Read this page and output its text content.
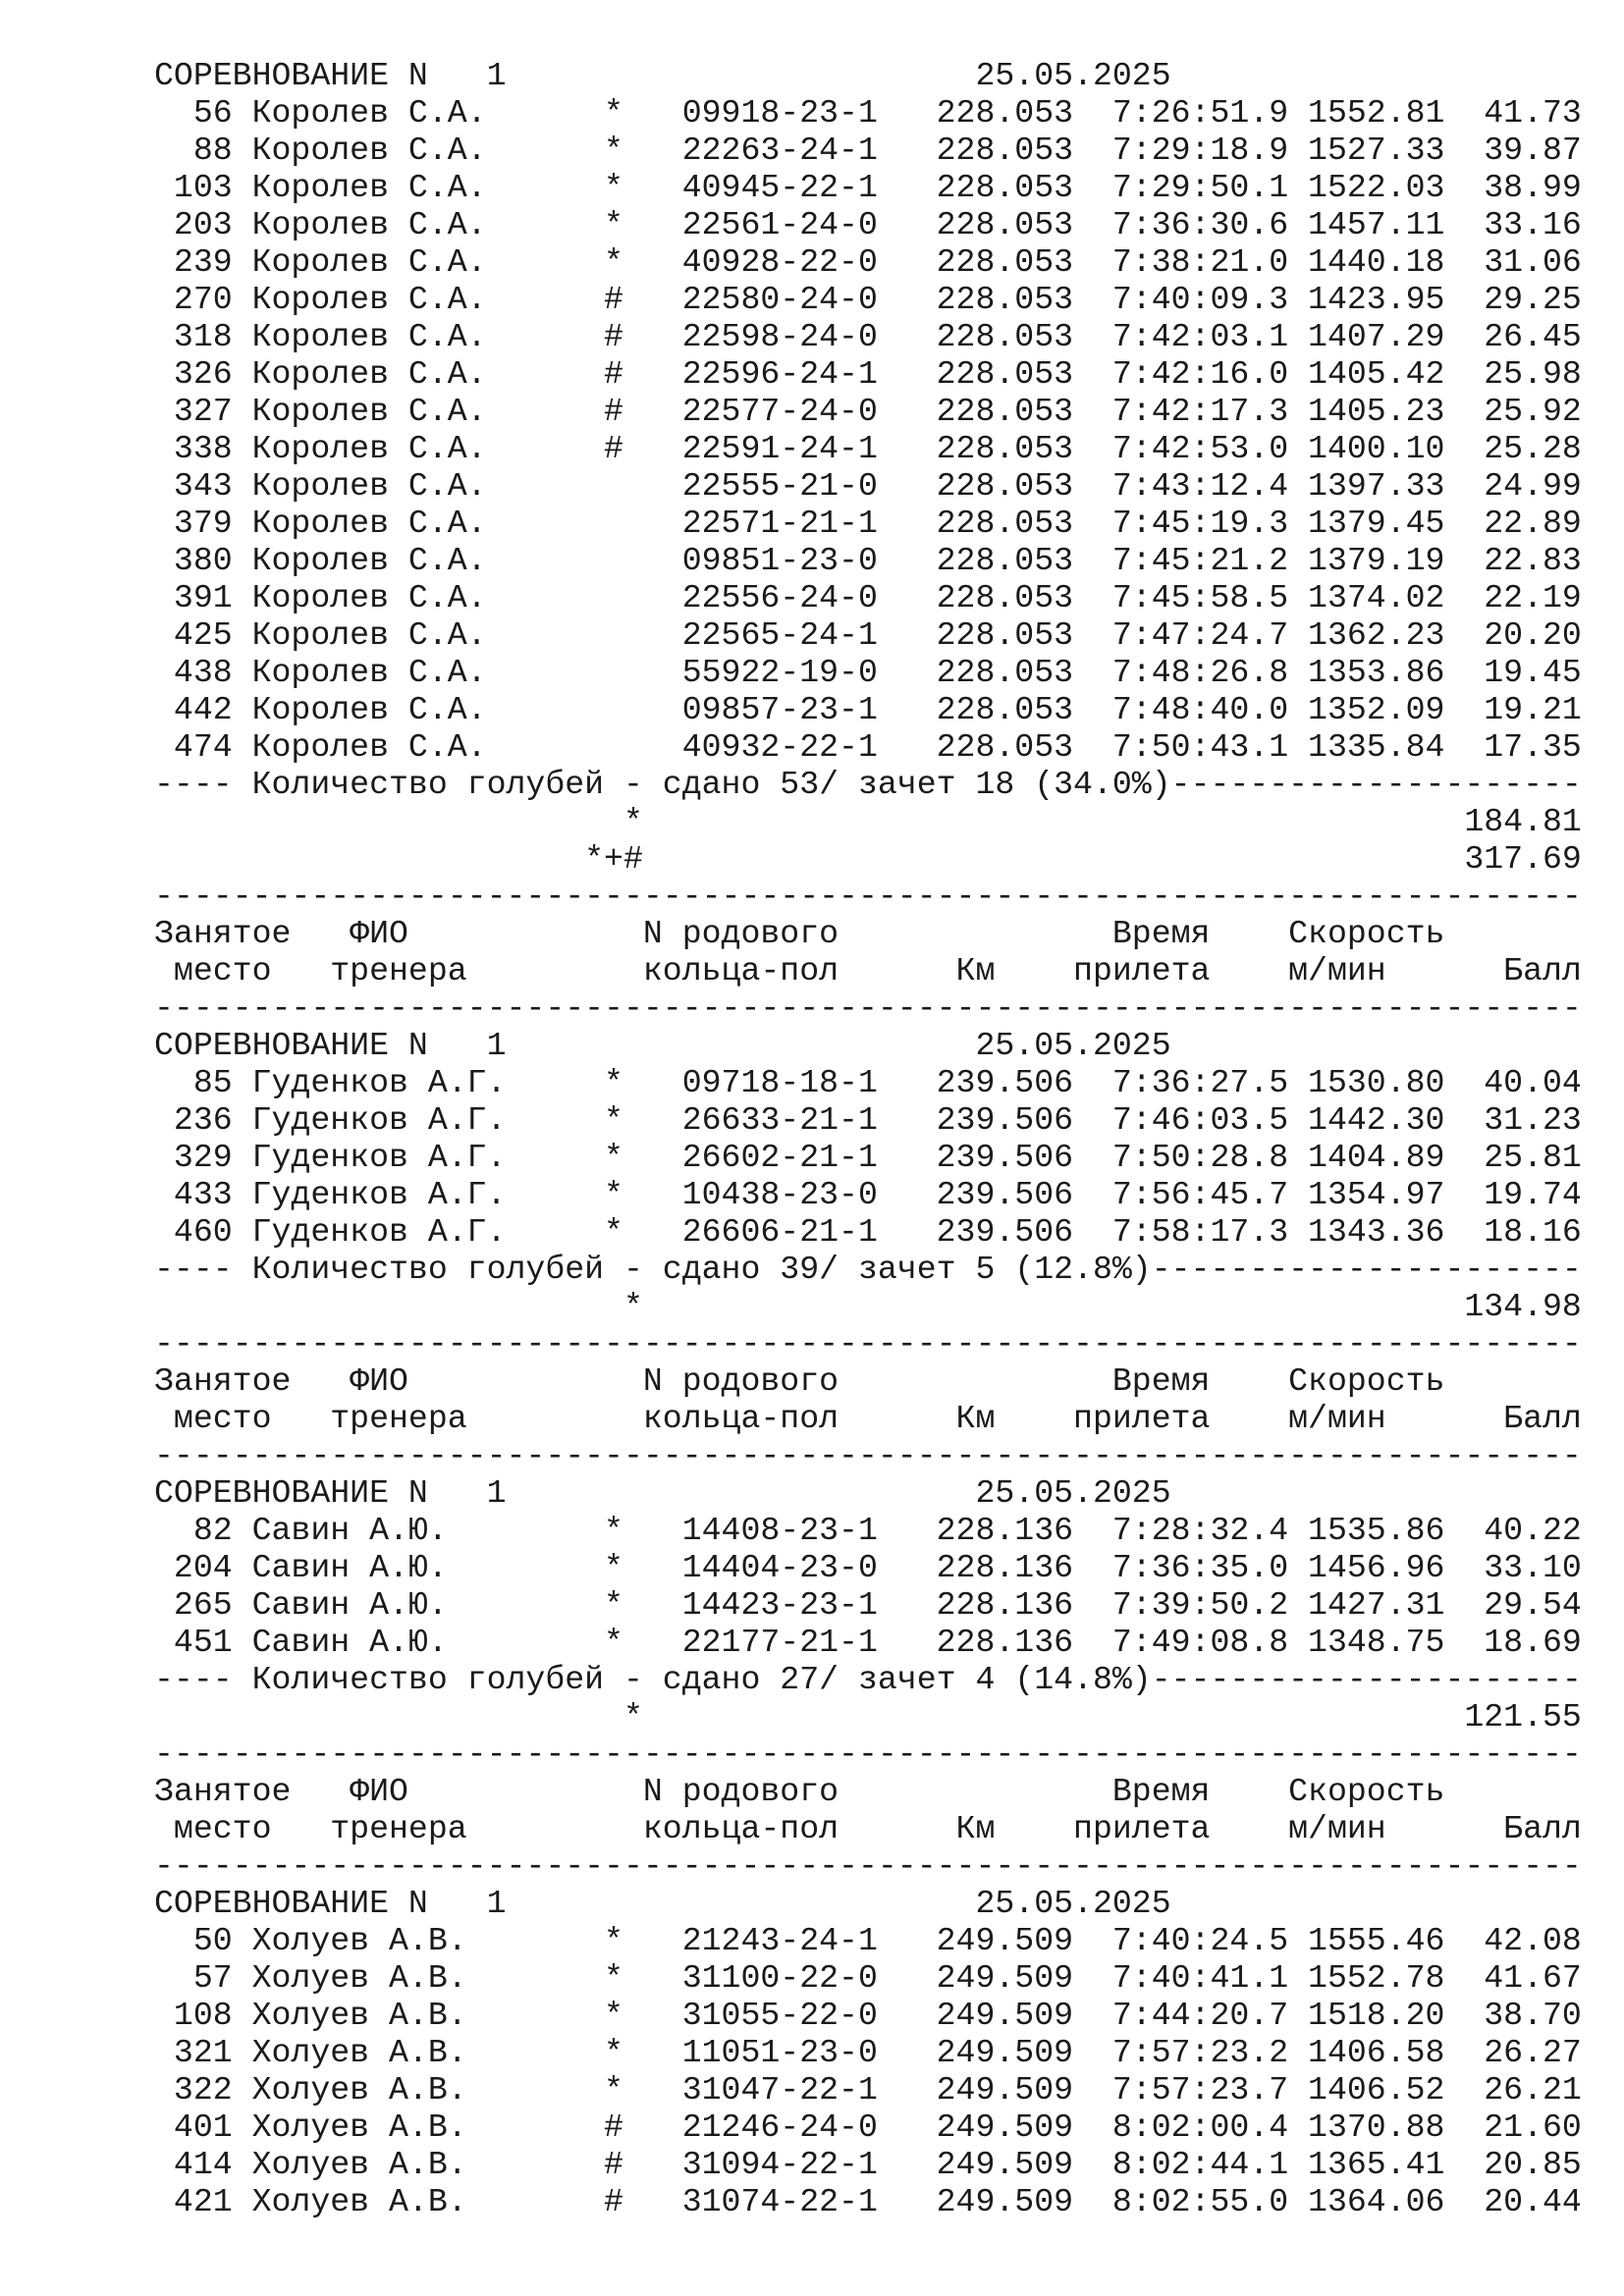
СОРЕВНОВАНИЕ N   1                        25.05.2025
56 Королев С.А.      *   09918-23-1   228.053  7:26:51.9 1552.81  41.73
88 Королев С.А.      *   22263-24-1   228.053  7:29:18.9 1527.33  39.87
103 Королев С.А.      *   40945-22-1   228.053  7:29:50.1 1522.03  38.99
203 Королев С.А.      *   22561-24-0   228.053  7:36:30.6 1457.11  33.16
239 Королев С.А.      *   40928-22-0   228.053  7:38:21.0 1440.18  31.06
270 Королев С.А.      #   22580-24-0   228.053  7:40:09.3 1423.95  29.25
318 Королев С.А.      #   22598-24-0   228.053  7:42:03.1 1407.29  26.45
326 Королев С.А.      #   22596-24-1   228.053  7:42:16.0 1405.42  25.98
327 Королев С.А.      #   22577-24-0   228.053  7:42:17.3 1405.23  25.92
338 Королев С.А.      #   22591-24-1   228.053  7:42:53.0 1400.10  25.28
343 Королев С.А.          22555-21-0   228.053  7:43:12.4 1397.33  24.99
379 Королев С.А.          22571-21-1   228.053  7:45:19.3 1379.45  22.89
380 Королев С.А.          09851-23-0   228.053  7:45:21.2 1379.19  22.83
391 Королев С.А.          22556-24-0   228.053  7:45:58.5 1374.02  22.19
425 Королев С.А.          22565-24-1   228.053  7:47:24.7 1362.23  20.20
438 Королев С.А.          55922-19-0   228.053  7:48:26.8 1353.86  19.45
442 Королев С.А.          09857-23-1   228.053  7:48:40.0 1352.09  19.21
474 Королев С.А.          40932-22-1   228.053  7:50:43.1 1335.84  17.35
---- Количество голубей - сдано 53/ зачет 18 (34.0%)---------------------
*                                          184.81
*+#                                          317.69
-------------------------------------------------------------------------
Занятое   ФИО            N родового              Время    Скорость
место   тренера         кольца-пол      Км    прилета    м/мин      Балл
-------------------------------------------------------------------------
СОРЕВНОВАНИЕ N   1                        25.05.2025
85 Гуденков А.Г.     *   09718-18-1   239.506  7:36:27.5 1530.80  40.04
236 Гуденков А.Г.     *   26633-21-1   239.506  7:46:03.5 1442.30  31.23
329 Гуденков А.Г.     *   26602-21-1   239.506  7:50:28.8 1404.89  25.81
433 Гуденков А.Г.     *   10438-23-0   239.506  7:56:45.7 1354.97  19.74
460 Гуденков А.Г.     *   26606-21-1   239.506  7:58:17.3 1343.36  18.16
---- Количество голубей - сдано 39/ зачет 5 (12.8%)----------------------
*                                          134.98
-------------------------------------------------------------------------
Занятое   ФИО            N родового              Время    Скорость
место   тренера         кольца-пол      Км    прилета    м/мин      Балл
-------------------------------------------------------------------------
СОРЕВНОВАНИЕ N   1                        25.05.2025
82 Савин А.Ю.        *   14408-23-1   228.136  7:28:32.4 1535.86  40.22
204 Савин А.Ю.        *   14404-23-0   228.136  7:36:35.0 1456.96  33.10
265 Савин А.Ю.        *   14423-23-1   228.136  7:39:50.2 1427.31  29.54
451 Савин А.Ю.        *   22177-21-1   228.136  7:49:08.8 1348.75  18.69
---- Количество голубей - сдано 27/ зачет 4 (14.8%)----------------------
*                                          121.55
-------------------------------------------------------------------------
Занятое   ФИО            N родового              Время    Скорость
место   тренера         кольца-пол      Км    прилета    м/мин      Балл
-------------------------------------------------------------------------
СОРЕВНОВАНИЕ N   1                        25.05.2025
50 Холуев А.В.       *   21243-24-1   249.509  7:40:24.5 1555.46  42.08
57 Холуев А.В.       *   31100-22-0   249.509  7:40:41.1 1552.78  41.67
108 Холуев А.В.       *   31055-22-0   249.509  7:44:20.7 1518.20  38.70
321 Холуев А.В.       *   11051-23-0   249.509  7:57:23.2 1406.58  26.27
322 Холуев А.В.       *   31047-22-1   249.509  7:57:23.7 1406.52  26.21
401 Холуев А.В.       #   21246-24-0   249.509  8:02:00.4 1370.88  21.60
414 Холуев А.В.       #   31094-22-1   249.509  8:02:44.1 1365.41  20.85
421 Холуев А.В.       #   31074-22-1   249.509  8:02:55.0 1364.06  20.44
